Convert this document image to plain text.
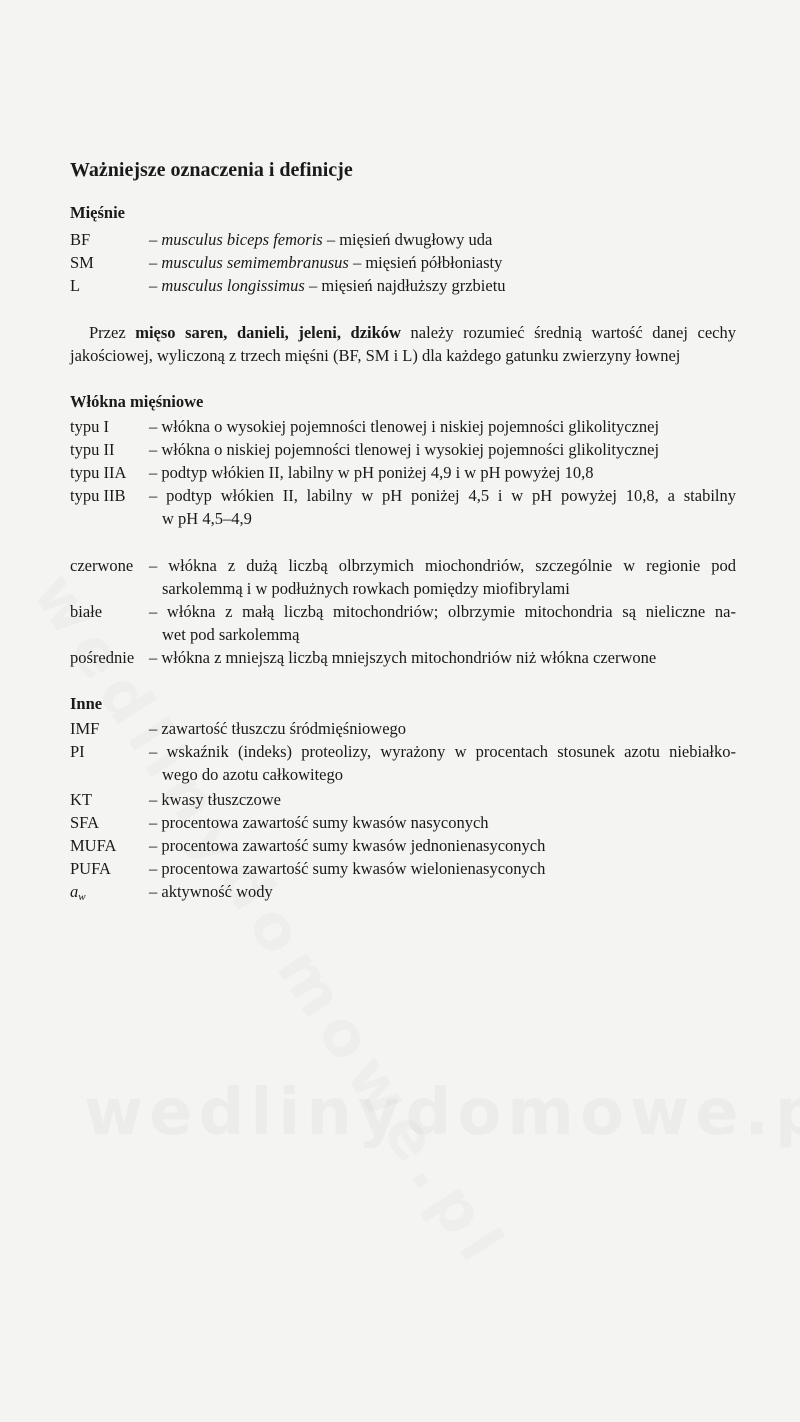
Ważniejsze oznaczenia i definicje
Mięśnie
BF	– musculus biceps femoris – mięsień dwugłowy uda
SM	– musculus semimembranusus – mięsień półbłoniasty
L	– musculus longissimus – mięsień najdłuższy grzbietu
Przez mięso saren, danieli, jeleni, dzików należy rozumieć średnią wartość danej cechy
jakościowej, wyliczoną z trzech mięśni (BF, SM i L) dla każdego gatunku zwierzyny łownej
Włókna mięśniowe
typu I – włókna o wysokiej pojemności tlenowej i niskiej pojemności glikolitycznej
typu II – włókna o niskiej pojemności tlenowej i wysokiej pojemności glikolitycznej
typu IIA – podtyp włókien II, labilny w pH poniżej 4,9 i w pH powyżej 10,8
typu IIB – podtyp włókien II, labilny w pH poniżej 4,5 i w pH powyżej 10,8, a stabilny
w pH 4,5–4,9
czerwone – włókna z dużą liczbą olbrzymich miochondriów, szczególnie w regionie pod
sarkolemmą i w podłużnych rowkach pomiędzy miofibrylami
białe	– włókna z małą liczbą mitochondriów; olbrzymie mitochondria są nieliczne na-
wet pod sarkolemmą
pośrednie – włókna z mniejszą liczbą mniejszych mitochondriów niż włókna czerwone
Inne
IMF	– zawartość tłuszczu śródmięśniowego
PI	– wskaźnik (indeks) proteolizy, wyrażony w procentach stosunek azotu niebiałko-
wego do azotu całkowitego
KT	– kwasy tłuszczowe
SFA	– procentowa zawartość sumy kwasów nasyconych
MUFA – procentowa zawartość sumy kwasów jednonienasyconych
PUFA – procentowa zawartość sumy kwasów wielonienasyconych
$a_w$	– aktywność wody
